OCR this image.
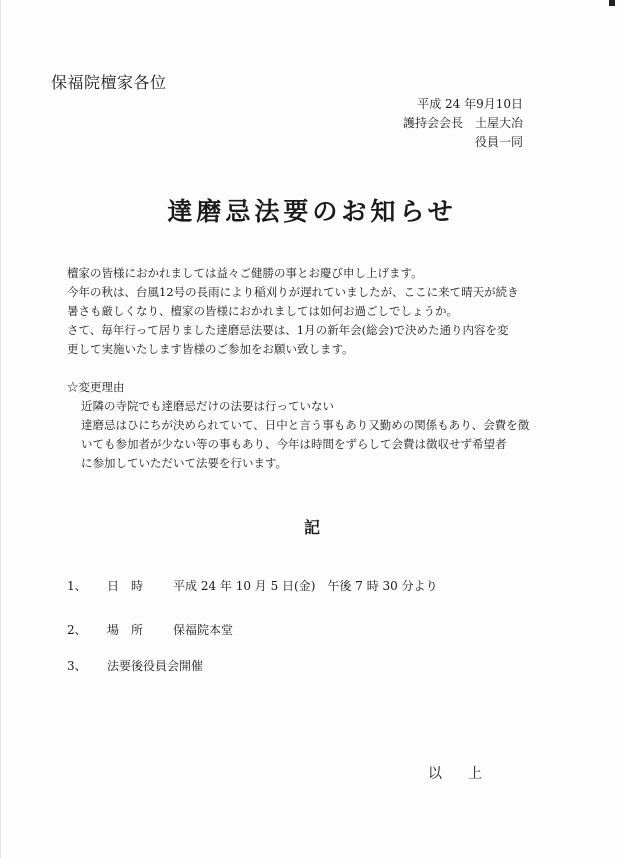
保福院檀家各位
平成 24 年9月10日
護持会会長　土屋大冶
役員一同
達磨忌法要のお知らせ

檀家の皆様におかれましては益々ご健勝の事とお慶び申し上げます。

今年の秋は、台風12号の長雨により稲刈りが遅れていましたが、ここに来て晴天が続き

暑さも厳しくなり、檀家の皆様におかれましては如何お過ごしでしょうか。

さて、毎年行って居りました達磨忌法要は、1月の新年会(総会)で決めた通り内容を変

更して実施いたします皆様のご参加をお願い致します。

☆変更理由

近隣の寺院でも達磨忌だけの法要は行っていない

達磨忌はひにちが決められていて、日中と言う事もあり又勤めの関係もあり、会費を徴

いても参加者が少ない等の事もあり、今年は時間をずらして会費は徴収せず希望者

に参加していただいて法要を行います。

記
1、 日　時 平成 24 年 10 月 5 日(金)　午後 7 時 30 分より
2、 場　所 保福院本堂
3、 法要後役員会開催
以　上
